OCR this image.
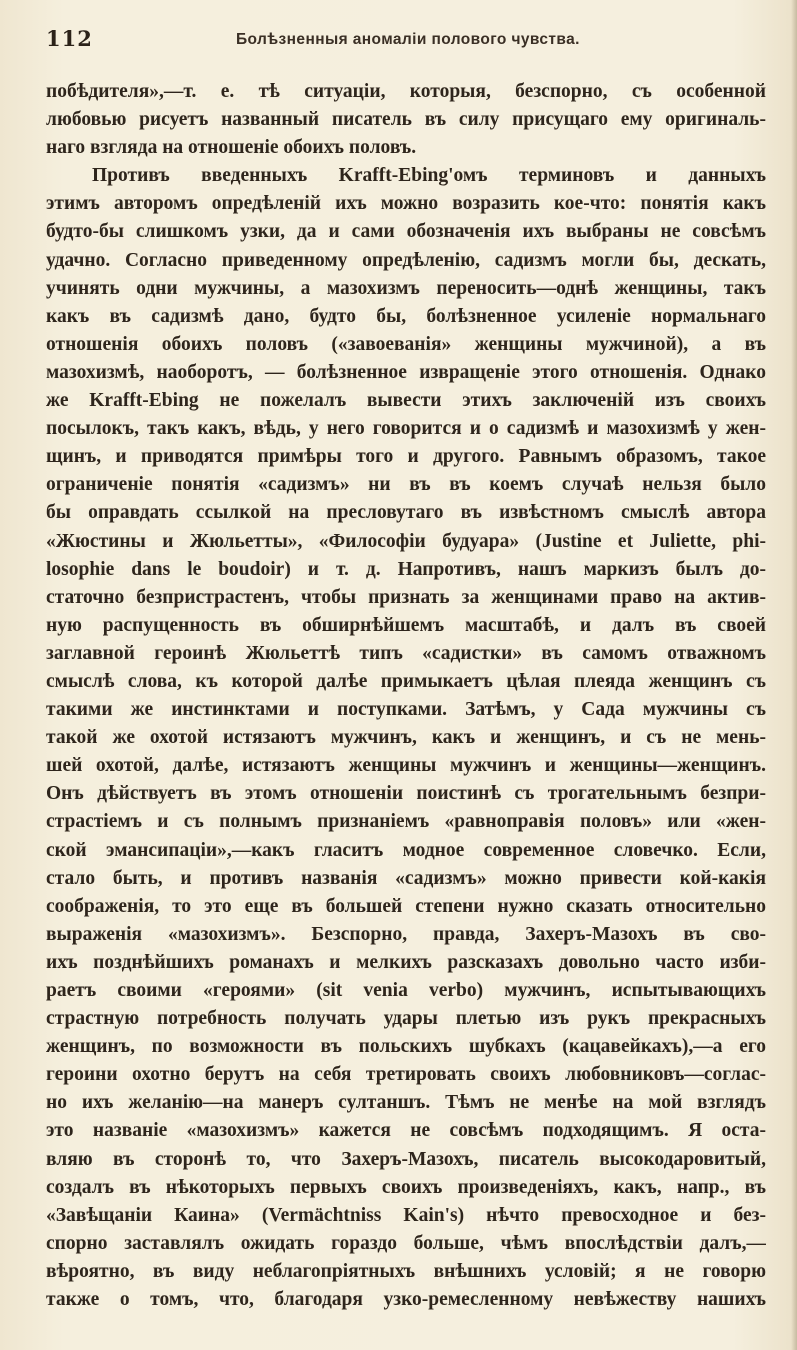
112	Болѣзненныя аномаліи полового чувства.
побѣдителя»,—т. е. тѣ ситуаціи, которыя, безспорно, съ особенной
любовью рисуетъ названный писатель въ силу присущаго ему оригиналь-
наго взгляда на отношеніе обоихъ половъ.
Противъ введенныхъ Krafft-Ebing'омъ терминовъ и данныхъ
этимъ авторомъ опредѣленій ихъ можно возразить кое-что: понятія какъ
будто-бы слишкомъ узки, да и сами обозначенія ихъ выбраны не совсѣмъ
удачно. Согласно приведенному опредѣленію, садизмъ могли бы, дескать,
учинять одни мужчины, а мазохизмъ переносить—однѣ женщины, такъ
какъ въ садизмѣ дано, будто бы, болѣзненное усиленіе нормальнаго
отношенія обоихъ половъ («завоеванія» женщины мужчиной), а въ
мазохизмѣ, наоборотъ, — болѣзненное извращеніе этого отношенія. Однако
же Krafft-Ebing не пожелалъ вывести этихъ заключеній изъ своихъ
посылокъ, такъ какъ, вѣдь, у него говорится и о садизмѣ и мазохизмѣ у жен-
щинъ, и приводятся примѣры того и другого. Равнымъ образомъ, такое
ограниченіе понятія «садизмъ» ни въ въ коемъ случаѣ нельзя было
бы оправдать ссылкой на пресловутаго въ извѣстномъ смыслѣ автора
«Жюстины и Жюльетты», «Философіи будуара» (Justine et Juliette, phi-
losophie dans le boudoir) и т. д. Напротивъ, нашъ маркизъ былъ до-
статочно безпристрастенъ, чтобы признать за женщинами право на актив-
ную распущенность въ обширнѣйшемъ масштабѣ, и далъ въ своей
заглавной героинѣ Жюльеттѣ типъ «садистки» въ самомъ отважномъ
смыслѣ слова, къ которой далѣе примыкаетъ цѣлая плеяда женщинъ съ
такими же инстинктами и поступками. Затѣмъ, у Сада мужчины съ
такой же охотой истязаютъ мужчинъ, какъ и женщинъ, и съ не мень-
шей охотой, далѣе, истязаютъ женщины мужчинъ и женщины—женщинъ.
Онъ дѣйствуетъ въ этомъ отношеніи поистинѣ съ трогательнымъ безпри-
страстіемъ и съ полнымъ признаніемъ «равноправія половъ» или «жен-
ской эмансипаціи»,—какъ гласитъ модное современное словечко. Если,
стало быть, и противъ названія «садизмъ» можно привести кой-какія
соображенія, то это еще въ большей степени нужно сказать относительно
выраженія «мазохизмъ». Безспорно, правда, Захеръ-Мазохъ въ сво-
ихъ позднѣйшихъ романахъ и мелкихъ разсказахъ довольно часто изби-
раетъ своими «героями» (sit venia verbo) мужчинъ, испытывающихъ
страстную потребность получать удары плетью изъ рукъ прекрасныхъ
женщинъ, по возможности въ польскихъ шубкахъ (кацавейкахъ),—а его
героини охотно берутъ на себя третировать своихъ любовниковъ—соглас-
но ихъ желанію—на манеръ султаншъ. Тѣмъ не менѣе на мой взглядъ
это названіе «мазохизмъ» кажется не совсѣмъ подходящимъ. Я оста-
вляю въ сторонѣ то, что Захеръ-Мазохъ, писатель высокодаровитый,
создалъ въ нѣкоторыхъ первыхъ своихъ произведеніяхъ, какъ, напр., въ
«Завѣщаніи Каина» (Vermächtniss Kain's) нѣчто превосходное и без-
спорно заставлялъ ожидать гораздо больше, чѣмъ впослѣдствіи далъ,—
вѣроятно, въ виду неблагопріятныхъ внѣшнихъ условій; я не говорю
также о томъ, что, благодаря узко-ремесленному невѣжеству нашихъ
